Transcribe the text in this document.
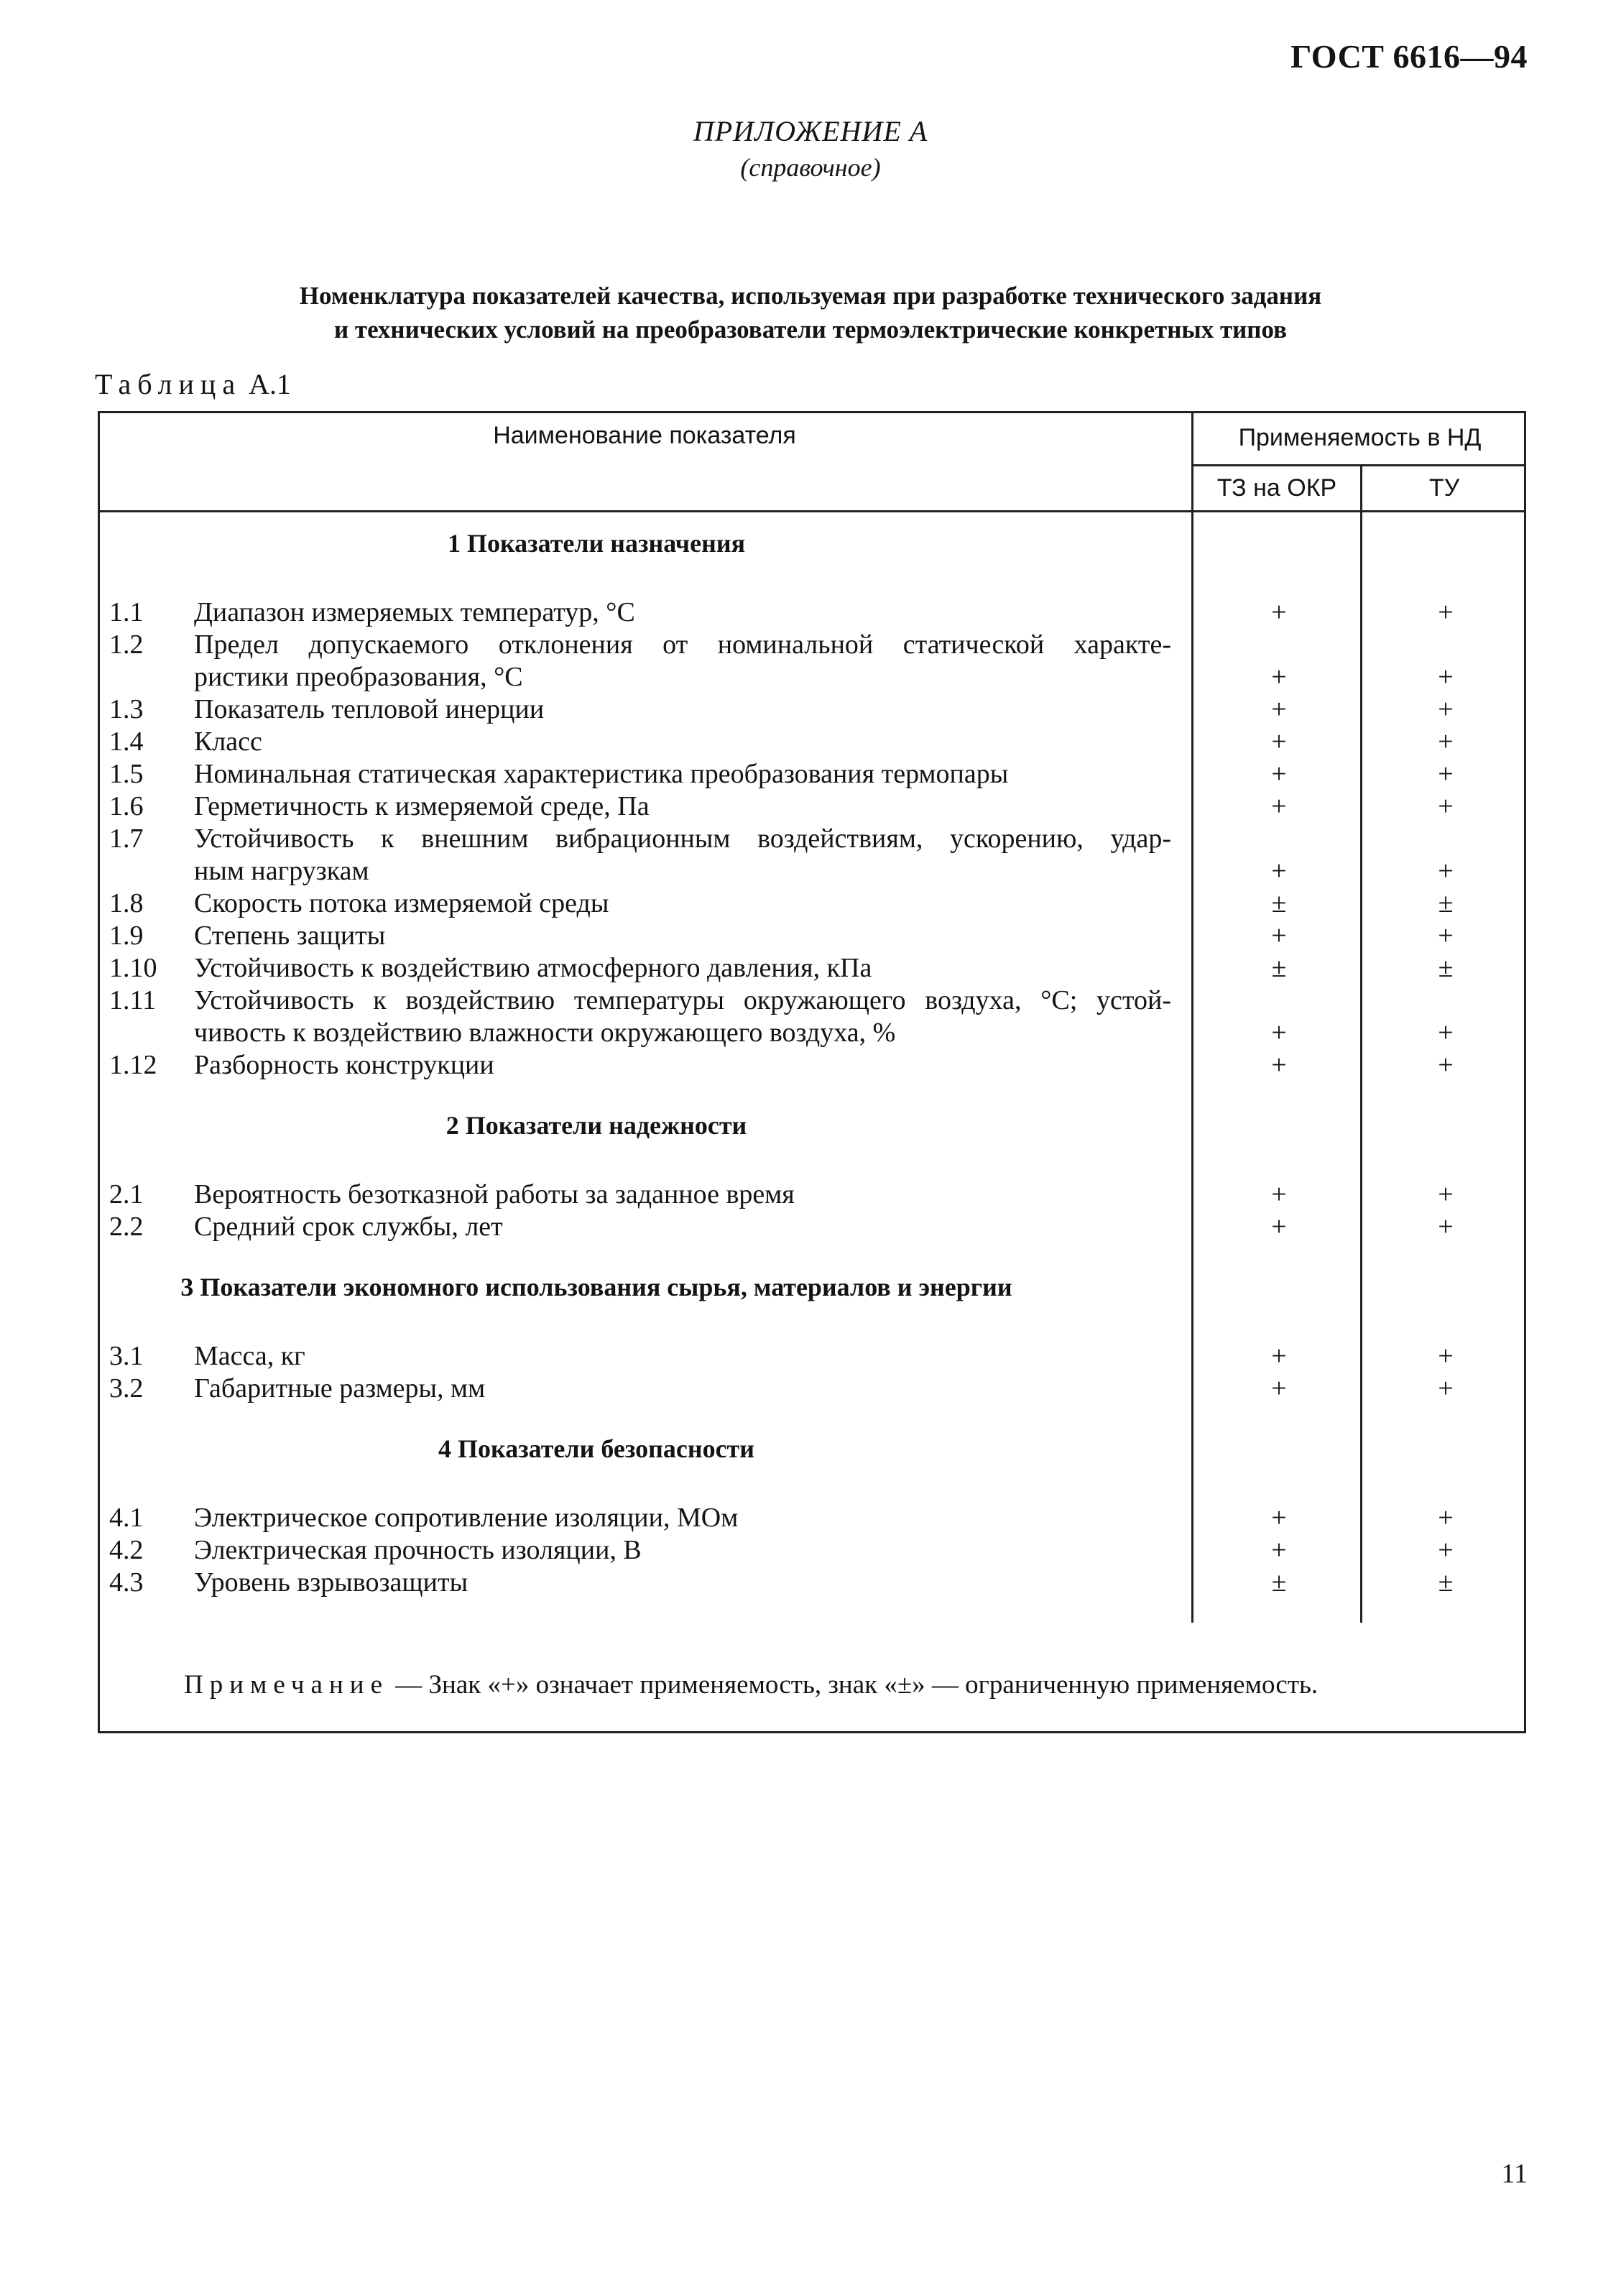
ГОСТ 6616—94
ПРИЛОЖЕНИЕ А
(справочное)
Номенклатура показателей качества, используемая при разработке технического задания
и технических условий на преобразователи термоэлектрические конкретных типов
Таблица А.1
Наименование показателя	Применяемость в НД
ТЗ на ОКР	ТУ
1 Показатели назначения
1.1 Диапазон измеряемых температур, °С	+	+
1.2 Предел допускаемого отклонения от номинальной статической характе-
ристики преобразования, °С	+	+
1.3 Показатель тепловой инерции	+	+
1.4 Класс	+	+
1.5 Номинальная статическая характеристика преобразования термопары	+	+
1.6 Герметичность к измеряемой среде, Па	+	+
1.7 Устойчивость к внешним вибрационным воздействиям, ускорению, удар-
ным нагрузкам	+	+
1.8 Скорость потока измеряемой среды	±	±
1.9 Степень защиты	+	+
1.10 Устойчивость к воздействию атмосферного давления, кПа	±	±
1.11 Устойчивость к воздействию температуры окружающего воздуха, °С; устой-
чивость к воздействию влажности окружающего воздуха, %	+	+
1.12 Разборность конструкции	+	+
2 Показатели надежности
2.1 Вероятность безотказной работы за заданное время	+	+
2.2 Средний срок службы, лет	+	+
3 Показатели экономного использования сырья, материалов и энергии
3.1 Масса, кг	+	+
3.2 Габаритные размеры, мм	+	+
4 Показатели безопасности
4.1 Электрическое сопротивление изоляции, МОм	+	+
4.2 Электрическая прочность изоляции, В	+	+
4.3 Уровень взрывозащиты	±	±
Примечание — Знак «+» означает применяемость, знак «±» — ограниченную применяемость.
11
